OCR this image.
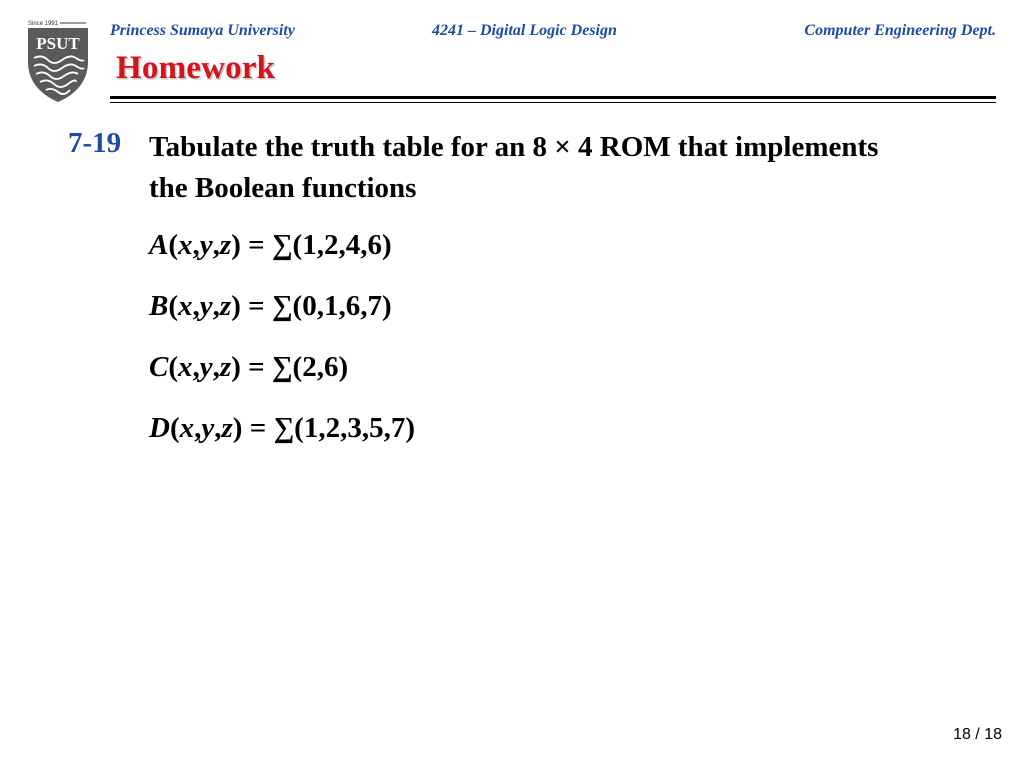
Since 1991
PSUT
Princess Sumaya University	4241 – Digital Logic Design	Computer Engineering Dept.
Homework
7-19 Tabulate the truth table for an 8 × 4 ROM that implements the Boolean functions
A(x,y,z) = ∑(1,2,4,6)
B(x,y,z) = ∑(0,1,6,7)
C(x,y,z) = ∑(2,6)
D(x,y,z) = ∑(1,2,3,5,7)
18 / 18
